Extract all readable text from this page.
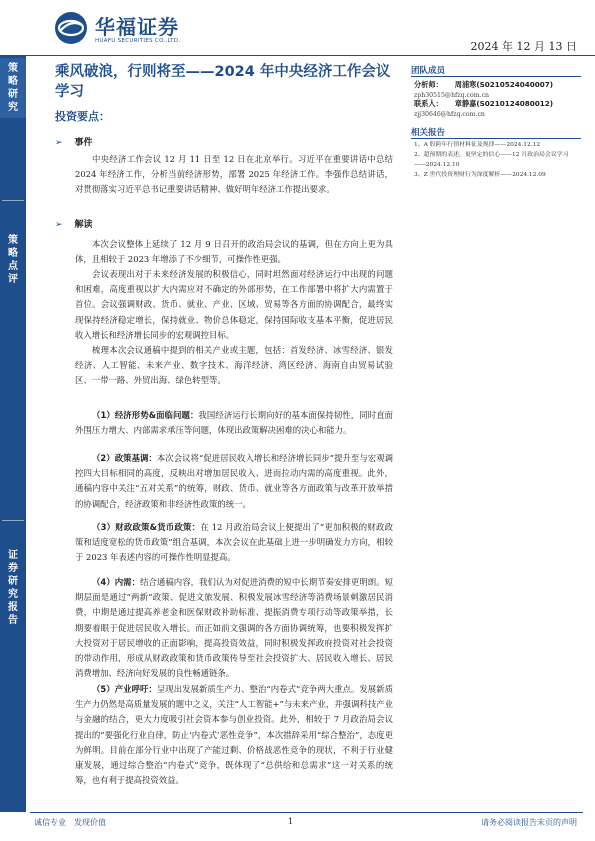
华福证券
HUAFU SECURITIES CO.,LTD.	2024 年 12 月 13 日
策略研究
策略点评
证券研究报告
乘风破浪，行则将至——2024 年中央经济工作会议学习
投资要点：
➢ 事件
中央经济工作会议 12 月 11 日至 12 日在北京举行。习近平在重要讲话中总结 2024 年经济工作，分析当前经济形势，部署 2025 年经济工作。李强作总结讲话，对贯彻落实习近平总书记重要讲话精神、做好明年经济工作提出要求。
➢ 解读
本次会议整体上延续了 12 月 9 日召开的政治局会议的基调，但在方向上更为具体，且相较于 2023 年增添了不少细节，可操作性更强。
会议表现出对于未来经济发展的积极信心，同时坦然面对经济运行中出现的问题和困难，高度重视以扩大内需应对不确定的外部形势，在工作部署中将扩大内需置于首位。会议强调财政、货币、就业、产业、区域、贸易等各方面的协调配合，最终实现保持经济稳定增长，保持就业、物价总体稳定，保持国际收支基本平衡，促进居民收入增长和经济增长同步的宏观调控目标。
梳理本次会议通稿中提到的相关产业或主题，包括：首发经济、冰雪经济、银发经济、人工智能、未来产业、数字技术、海洋经济、湾区经济、海南自由贸易试验区、一带一路、外贸出海、绿色转型等。
（1）经济形势&面临问题：我国经济运行长期向好的基本面保持韧性，同时直面外围压力增大、内部需求承压等问题，体现出政策解决困难的决心和能力。
（2）政策基调：本次会议将“促进居民收入增长和经济增长同步”提升至与宏观调控四大目标相同的高度，反映出对增加居民收入、进而拉动内需的高度重视。此外，通稿内容中关注“五对关系”的统筹，财政、货币、就业等各方面政策与改革开放举措的协调配合，经济政策和非经济性政策的统一。
（3）财政政策&货币政策：在 12 月政治局会议上便提出了“更加积极的财政政策和适度宽松的货币政策”组合基调，本次会议在此基础上进一步明确发力方向，相较于 2023 年表述内容的可操作性明显提高。
（4）内需：结合通稿内容，我们认为对促进消费的短中长期节奏安排更明朗。短期层面是通过“两新”政策、促进文旅发展、积极发展冰雪经济等消费场景刺激居民消费，中期是通过提高养老金和医保财政补助标准、提振消费专项行动等政策举措，长期要着眼于促进居民收入增长。而正如前文强调的各方面协调统筹，也要积极发挥扩大投资对于居民增收的正面影响，提高投资效益，同时积极发挥政府投资对社会投资的带动作用，形成从财政政策和货币政策传导至社会投资扩大、居民收入增长、居民消费增加、经济向好发展的良性畅通链条。
（5）产业呼吁：呈现出发展新质生产力、整治“内卷式”竞争两大重点。发展新质生产力仍然是高质量发展的题中之义，关注“人工智能+”与未来产业，并强调科技产业与金融的结合，更大力度吸引社会资本参与创业投资。此外，相较于 7 月政治局会议提出的“要强化行业自律，防止‘内卷式’恶性竞争”，本次措辞采用“综合整治”，态度更为鲜明。目前在部分行业中出现了产能过剩、价格战恶性竞争的现状，不利于行业健康发展，通过综合整治“内卷式”竞争，既体现了“总供给和总需求”这一对关系的统筹，也有利于提高投资效益。
团队成员
分析师： 周浦寒(S0210524040007)
zph30515@hfzq.com.cn
联系人： 章静嘉(S0210124080012)
zjj30646@hfzq.com.cn
相关报告
1、A 股跨年行情材料征及规律——2024.12.12
2、超预期的表述，更坚定的信心——12 月政治局会议学习——2024.12.10
3、Z 世代投资理财行为深度解析——2024.12.09
诚信专业　发现价值	1	请务必阅读报告末页的声明
